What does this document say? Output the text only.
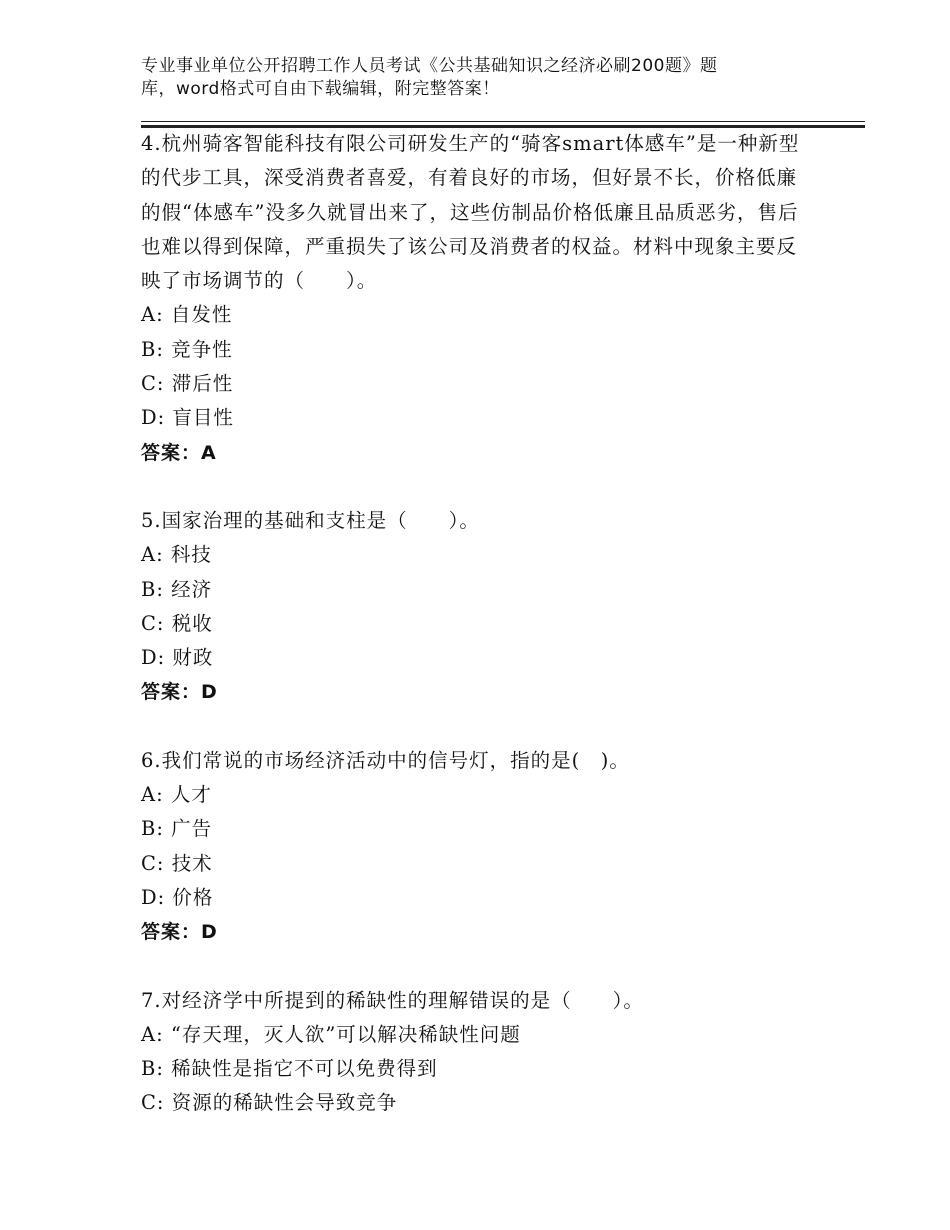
专业事业单位公开招聘工作人员考试《公共基础知识之经济必刷200题》题
库，word格式可自由下载编辑，附完整答案！
4.杭州骑客智能科技有限公司研发生产的“骑客smart体感车”是一种新型的代步工具，深受消费者喜爱，有着良好的市场，但好景不长，价格低廉的假“体感车”没多久就冒出来了，这些仿制品价格低廉且品质恶劣，售后也难以得到保障，严重损失了该公司及消费者的权益。材料中现象主要反映了市场调节的（　　）。
A: 自发性
B: 竞争性
C: 滞后性
D: 盲目性
答案：A
5.国家治理的基础和支柱是（　　）。
A: 科技
B: 经济
C: 税收
D: 财政
答案：D
6.我们常说的市场经济活动中的信号灯，指的是(　)。
A: 人才
B: 广告
C: 技术
D: 价格
答案：D
7.对经济学中所提到的稀缺性的理解错误的是（　　）。
A: “存天理，灭人欲”可以解决稀缺性问题
B: 稀缺性是指它不可以免费得到
C: 资源的稀缺性会导致竞争
